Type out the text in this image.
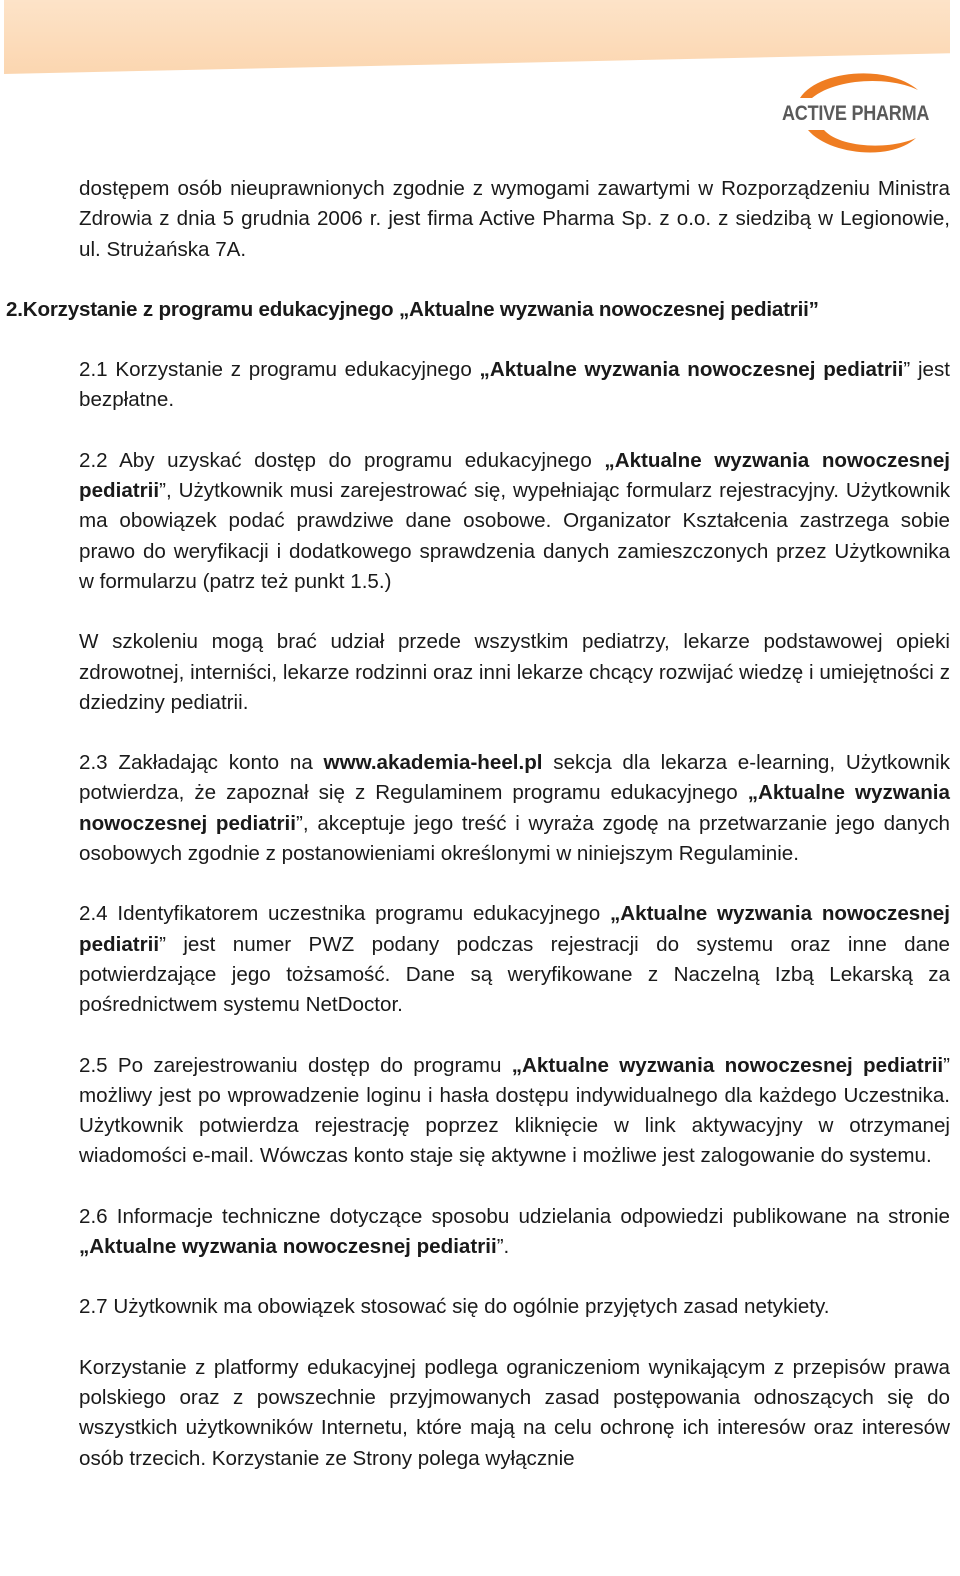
ACTIVE PHARMA

dostępem osób nieuprawnionych zgodnie z wymogami zawartymi w Rozporządzeniu Ministra Zdrowia z dnia 5 grudnia 2006 r. jest firma Active Pharma Sp. z o.o. z siedzibą w Legionowie, ul. Strużańska 7A.

2.Korzystanie z programu edukacyjnego „Aktualne wyzwania nowoczesnej pediatrii”

2.1 Korzystanie z programu edukacyjnego „Aktualne wyzwania nowoczesnej pediatrii” jest bezpłatne.

2.2 Aby uzyskać dostęp do programu edukacyjnego „Aktualne wyzwania nowoczesnej pediatrii”, Użytkownik musi zarejestrować się, wypełniając formularz rejestracyjny. Użytkownik ma obowiązek podać prawdziwe dane osobowe. Organizator Kształcenia zastrzega sobie prawo do weryfikacji i dodatkowego sprawdzenia danych zamieszczonych przez Użytkownika w formularzu (patrz też punkt 1.5.)

W szkoleniu mogą brać udział przede wszystkim pediatrzy, lekarze podstawowej opieki zdrowotnej, interniści, lekarze rodzinni oraz inni lekarze chcący rozwijać wiedzę i umiejętności z dziedziny pediatrii.

2.3 Zakładając konto na www.akademia-heel.pl sekcja dla lekarza e-learning, Użytkownik potwierdza, że zapoznał się z Regulaminem programu edukacyjnego „Aktualne wyzwania nowoczesnej pediatrii”, akceptuje jego treść i wyraża zgodę na przetwarzanie jego danych osobowych zgodnie z postanowieniami określonymi w niniejszym Regulaminie.

2.4 Identyfikatorem uczestnika programu edukacyjnego „Aktualne wyzwania nowoczesnej pediatrii” jest numer PWZ podany podczas rejestracji do systemu oraz inne dane potwierdzające jego tożsamość. Dane są weryfikowane z Naczelną Izbą Lekarską za pośrednictwem systemu NetDoctor.

2.5 Po zarejestrowaniu dostęp do programu „Aktualne wyzwania nowoczesnej pediatrii” możliwy jest po wprowadzenie loginu i hasła dostępu indywidualnego dla każdego Uczestnika. Użytkownik potwierdza rejestrację poprzez kliknięcie w link aktywacyjny w otrzymanej wiadomości e-mail. Wówczas konto staje się aktywne i możliwe jest zalogowanie do systemu.

2.6 Informacje techniczne dotyczące sposobu udzielania odpowiedzi publikowane na stronie „Aktualne wyzwania nowoczesnej pediatrii”.

2.7 Użytkownik ma obowiązek stosować się do ogólnie przyjętych zasad netykiety.

Korzystanie z platformy edukacyjnej podlega ograniczeniom wynikającym z przepisów prawa polskiego oraz z powszechnie przyjmowanych zasad postępowania odnoszących się do wszystkich użytkowników Internetu, które mają na celu ochronę ich interesów oraz interesów osób trzecich. Korzystanie ze Strony polega wyłącznie
